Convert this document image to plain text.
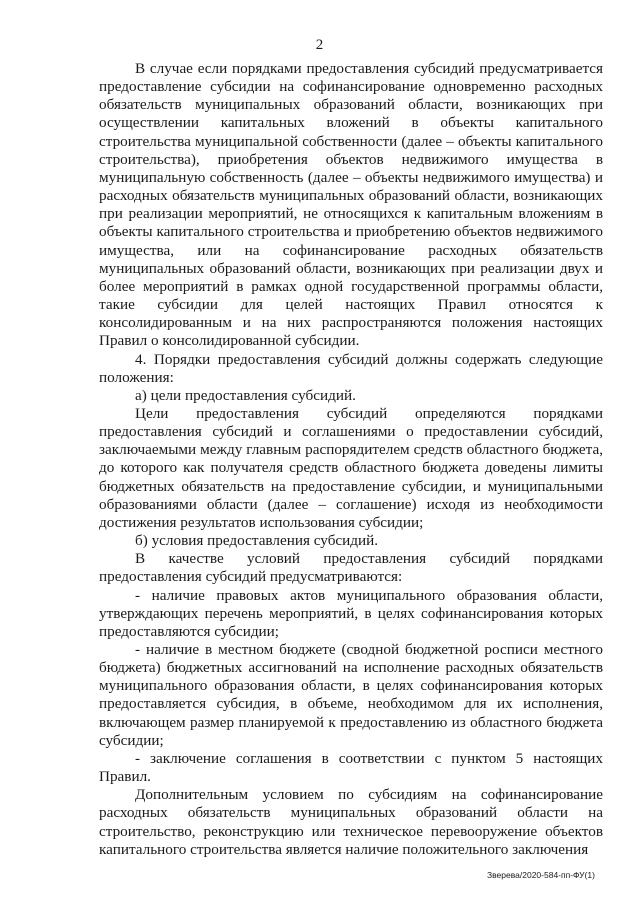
2

В случае если порядками предоставления субсидий предусматривается предоставление субсидии на софинансирование одновременно расходных обязательств муниципальных образований области, возникающих при осуществлении капитальных вложений в объекты капитального строительства муниципальной собственности (далее – объекты капитального строительства), приобретения объектов недвижимого имущества в муниципальную собственность (далее – объекты недвижимого имущества) и расходных обязательств муниципальных образований области, возникающих при реализации мероприятий, не относящихся к капитальным вложениям в объекты капитального строительства и приобретению объектов недвижимого имущества, или на софинансирование расходных обязательств муниципальных образований области, возникающих при реализации двух и более мероприятий в рамках одной государственной программы области, такие субсидии для целей настоящих Правил относятся к консолидированным и на них распространяются положения настоящих Правил о консолидированной субсидии.

4. Порядки предоставления субсидий должны содержать следующие положения:

а) цели предоставления субсидий.

Цели предоставления субсидий определяются порядками предоставления субсидий и соглашениями о предоставлении субсидий, заключаемыми между главным распорядителем средств областного бюджета, до которого как получателя средств областного бюджета доведены лимиты бюджетных обязательств на предоставление субсидии, и муниципальными образованиями области (далее – соглашение) исходя из необходимости достижения результатов использования субсидии;

б) условия предоставления субсидий.

В качестве условий предоставления субсидий порядками предоставления субсидий предусматриваются:

- наличие правовых актов муниципального образования области, утверждающих перечень мероприятий, в целях софинансирования которых предоставляются субсидии;

- наличие в местном бюджете (сводной бюджетной росписи местного бюджета) бюджетных ассигнований на исполнение расходных обязательств муниципального образования области, в целях софинансирования которых предоставляется субсидия, в объеме, необходимом для их исполнения, включающем размер планируемой к предоставлению из областного бюджета субсидии;

- заключение соглашения в соответствии с пунктом 5 настоящих Правил.

Дополнительным условием по субсидиям на софинансирование расходных обязательств муниципальных образований области на строительство, реконструкцию или техническое перевооружение объектов капитального строительства является наличие положительного заключения

Зверева/2020-584-пп-ФУ(1)
